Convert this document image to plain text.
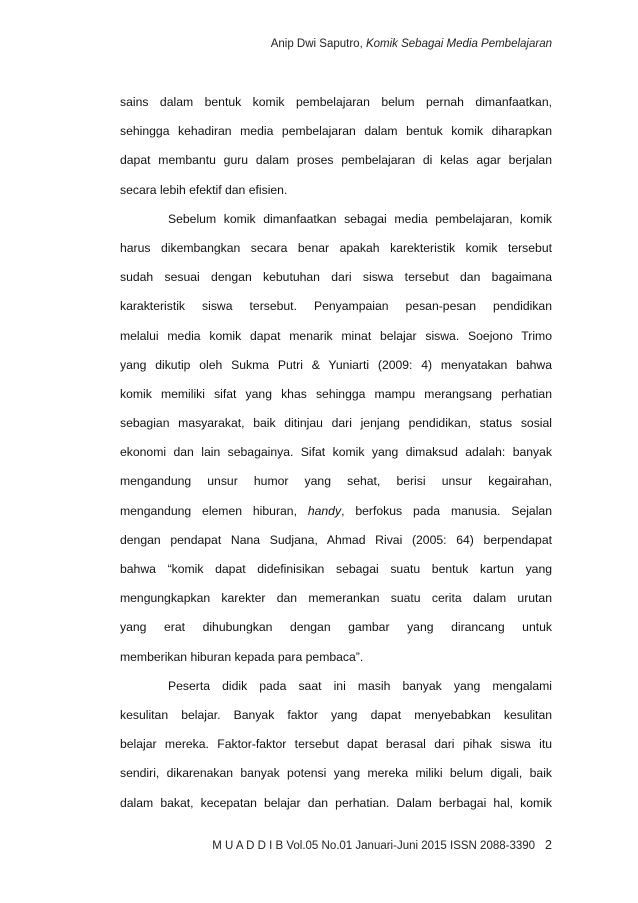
Anip Dwi Saputro, Komik Sebagai Media Pembelajaran
sains dalam bentuk komik pembelajaran belum pernah dimanfaatkan,
sehingga kehadiran media pembelajaran dalam bentuk komik diharapkan
dapat membantu guru dalam proses pembelajaran di kelas agar berjalan
secara lebih efektif dan efisien.
Sebelum komik dimanfaatkan sebagai media pembelajaran, komik
harus dikembangkan secara benar apakah karekteristik komik tersebut
sudah sesuai dengan kebutuhan dari siswa tersebut dan bagaimana
karakteristik siswa tersebut. Penyampaian pesan-pesan pendidikan
melalui media komik dapat menarik minat belajar siswa. Soejono Trimo
yang dikutip oleh Sukma Putri & Yuniarti (2009: 4) menyatakan bahwa
komik memiliki sifat yang khas sehingga mampu merangsang perhatian
sebagian masyarakat, baik ditinjau dari jenjang pendidikan, status sosial
ekonomi dan lain sebagainya. Sifat komik yang dimaksud adalah: banyak
mengandung unsur humor yang sehat, berisi unsur kegairahan,
mengandung elemen hiburan, handy, berfokus pada manusia. Sejalan
dengan pendapat Nana Sudjana, Ahmad Rivai (2005: 64) berpendapat
bahwa “komik dapat didefinisikan sebagai suatu bentuk kartun yang
mengungkapkan karekter dan memerankan suatu cerita dalam urutan
yang erat dihubungkan dengan gambar yang dirancang untuk
memberikan hiburan kepada para pembaca”.
Peserta didik pada saat ini masih banyak yang mengalami
kesulitan belajar. Banyak faktor yang dapat menyebabkan kesulitan
belajar mereka. Faktor-faktor tersebut dapat berasal dari pihak siswa itu
sendiri, dikarenakan banyak potensi yang mereka miliki belum digali, baik
dalam bakat, kecepatan belajar dan perhatian. Dalam berbagai hal, komik
M U A D D I B Vol.05 No.01 Januari-Juni 2015 ISSN 2088-3390 2
